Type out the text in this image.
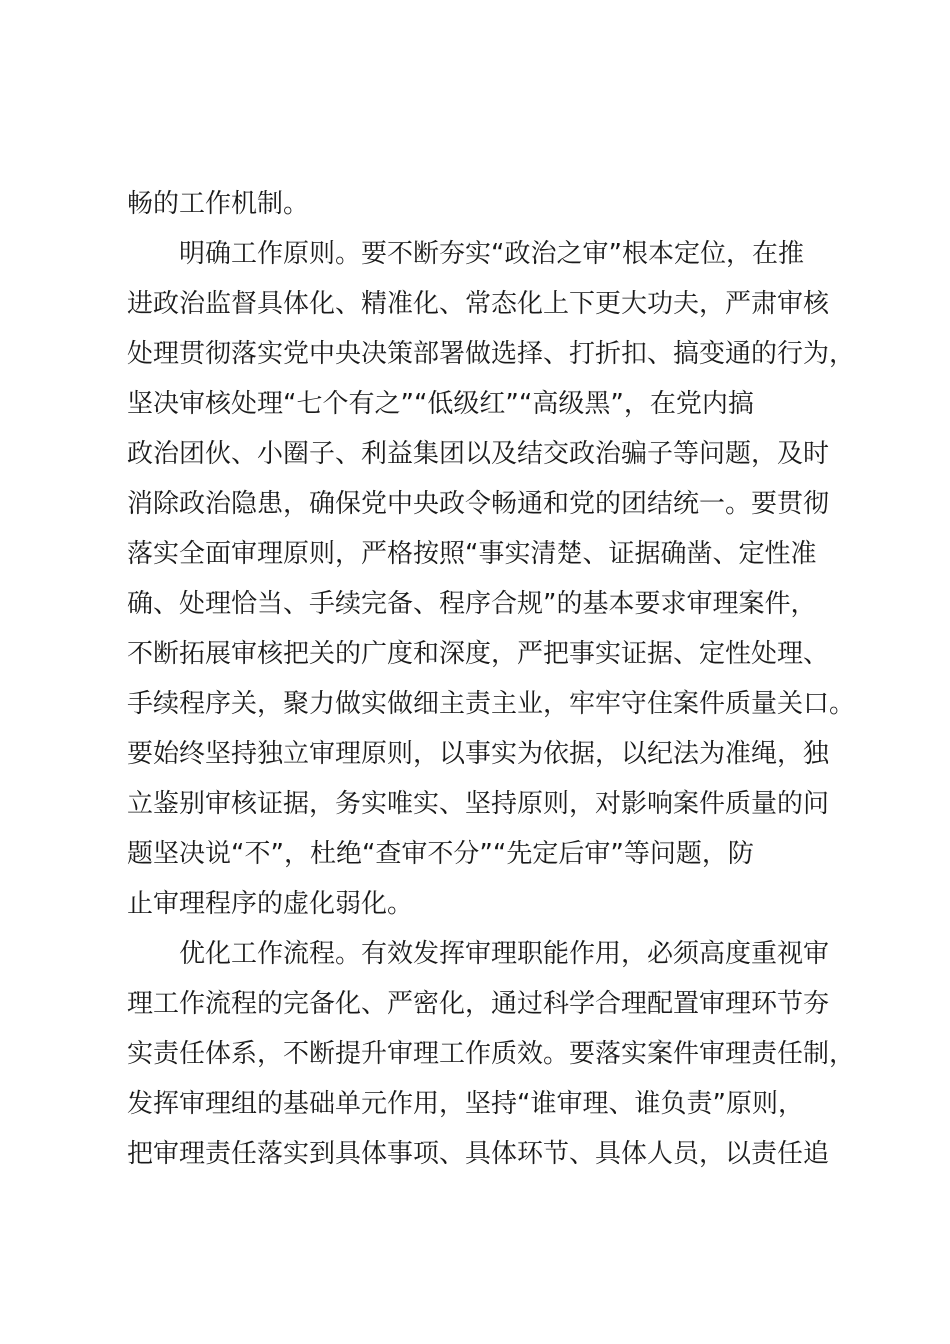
畅的工作机制。
明确工作原则。要不断夯实“政治之审”根本定位，在推
进政治监督具体化、精准化、常态化上下更大功夫，严肃审核
处理贯彻落实党中央决策部署做选择、打折扣、搞变通的行为，
坚决审核处理“七个有之”“低级红”“高级黑”，在党内搞
政治团伙、小圈子、利益集团以及结交政治骗子等问题，及时
消除政治隐患，确保党中央政令畅通和党的团结统一。要贯彻
落实全面审理原则，严格按照“事实清楚、证据确凿、定性准
确、处理恰当、手续完备、程序合规”的基本要求审理案件，
不断拓展审核把关的广度和深度，严把事实证据、定性处理、
手续程序关，聚力做实做细主责主业，牢牢守住案件质量关口。
要始终坚持独立审理原则，以事实为依据，以纪法为准绳，独
立鉴别审核证据，务实唯实、坚持原则，对影响案件质量的问
题坚决说“不”，杜绝“查审不分”“先定后审”等问题，防
止审理程序的虚化弱化。
优化工作流程。有效发挥审理职能作用，必须高度重视审
理工作流程的完备化、严密化，通过科学合理配置审理环节夯
实责任体系，不断提升审理工作质效。要落实案件审理责任制，
发挥审理组的基础单元作用，坚持“谁审理、谁负责”原则，
把审理责任落实到具体事项、具体环节、具体人员，以责任追
